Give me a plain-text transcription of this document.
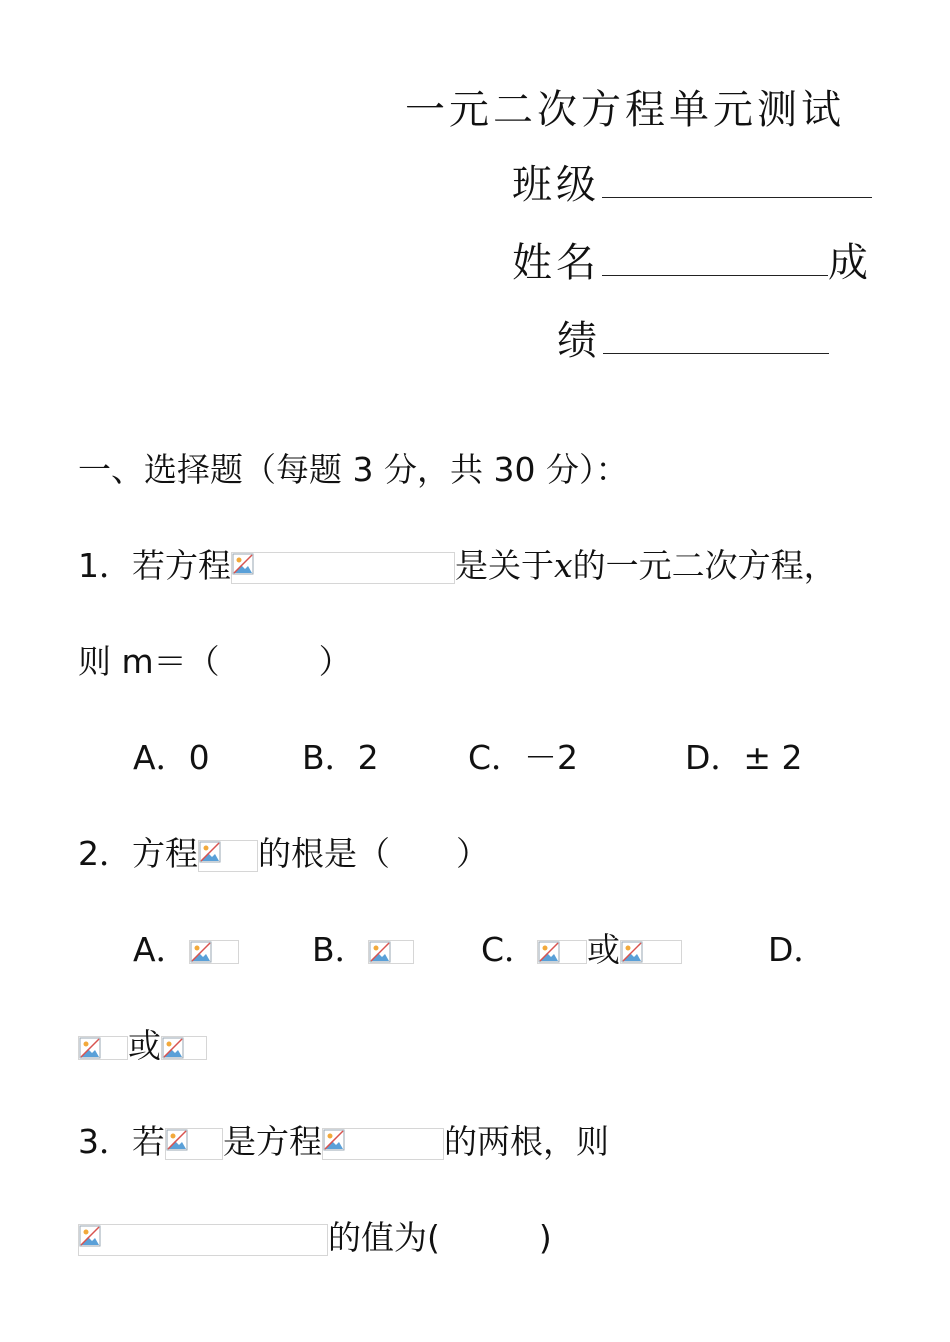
一元二次方程单元测试
班级
姓名	成
绩
一、选择题（每题 3 分，共 30 分）：
1．若方程	是关于x的一元二次方程，
则 m＝（　　　）
A．0	B．2	C．－2	D．± 2
2．方程 的根是（　　）
A．	B．	C． 或	D．
或
3．若 是方程	的两根，则
的值为(　　　)
